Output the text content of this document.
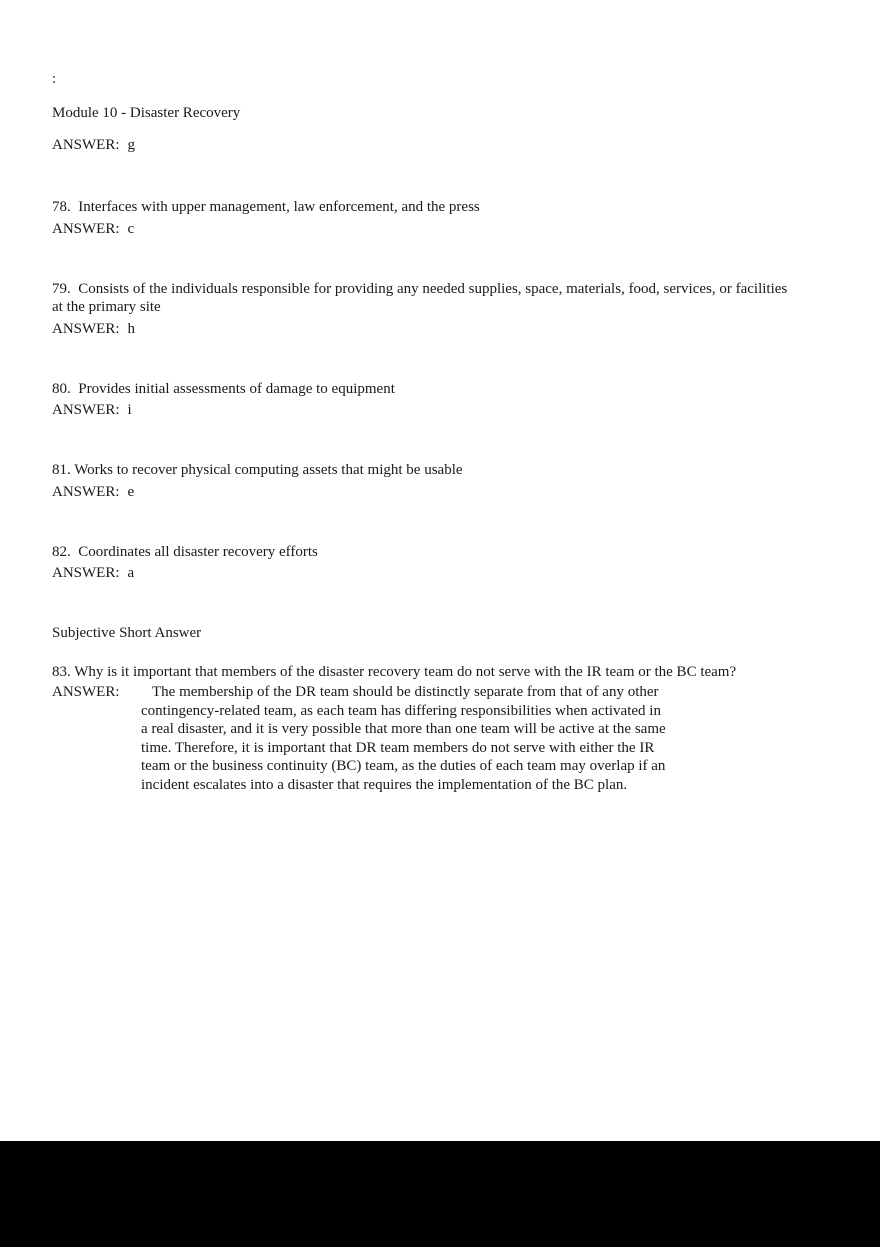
:

Module 10 - Disaster Recovery

ANSWER: g

78.  Interfaces with upper management, law enforcement, and the press

ANSWER: c

79.  Consists of the individuals responsible for providing any needed supplies, space, materials, food, services, or facilities at the primary site

ANSWER: h

80.  Provides initial assessments of damage to equipment

ANSWER: i

81. Works to recover physical computing assets that might be usable

ANSWER: e

82.  Coordinates all disaster recovery efforts

ANSWER: a

Subjective Short Answer

83. Why is it important that members of the disaster recovery team do not serve with the IR team or the BC team?

ANSWER:	The membership of the DR team should be distinctly separate from that of any other contingency-related team, as each team has differing responsibilities when activated in a real disaster, and it is very possible that more than one team will be active at the same time. Therefore, it is important that DR team members do not serve with either the IR team or the business continuity (BC) team, as the duties of each team may overlap if an incident escalates into a disaster that requires the implementation of the BC plan.
